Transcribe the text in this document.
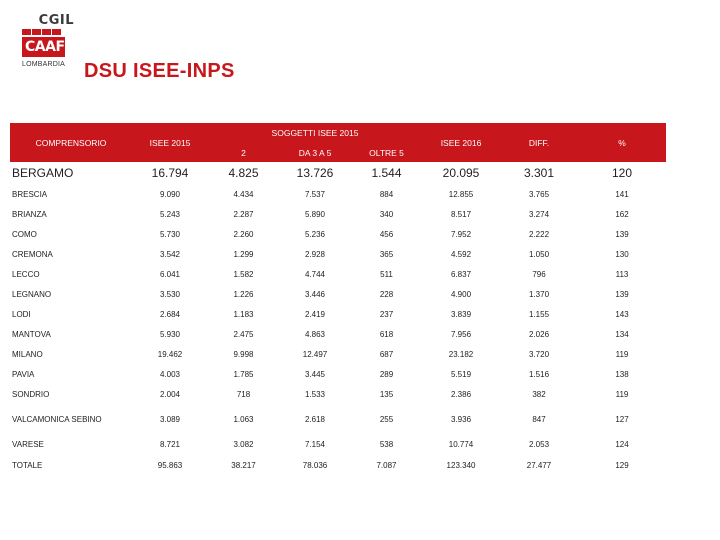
CGIL
CAAF
LOMBARDIA DSU ISEE-INPS
COMPRENSORIO	ISEE 2015	SOGGETTI ISEE 2015			ISEE 2016	DIFF.	%
		2	DA 3 A 5	OLTRE 5			
BERGAMO	16.794	4.825	13.726	1.544	20.095	3.301	120
BRESCIA	9.090	4.434	7.537	884	12.855	3.765	141
BRIANZA	5.243	2.287	5.890	340	8.517	3.274	162
COMO	5.730	2.260	5.236	456	7.952	2.222	139
CREMONA	3.542	1.299	2.928	365	4.592	1.050	130
LECCO	6.041	1.582	4.744	511	6.837	796	113
LEGNANO	3.530	1.226	3.446	228	4.900	1.370	139
LODI	2.684	1.183	2.419	237	3.839	1.155	143
MANTOVA	5.930	2.475	4.863	618	7.956	2.026	134
MILANO	19.462	9.998	12.497	687	23.182	3.720	119
PAVIA	4.003	1.785	3.445	289	5.519	1.516	138
SONDRIO	2.004	718	1.533	135	2.386	382	119
VALCAMONICA SEBINO	3.089	1.063	2.618	255	3.936	847	127
VARESE	8.721	3.082	7.154	538	10.774	2.053	124
TOTALE	95.863	38.217	78.036	7.087	123.340	27.477	129
